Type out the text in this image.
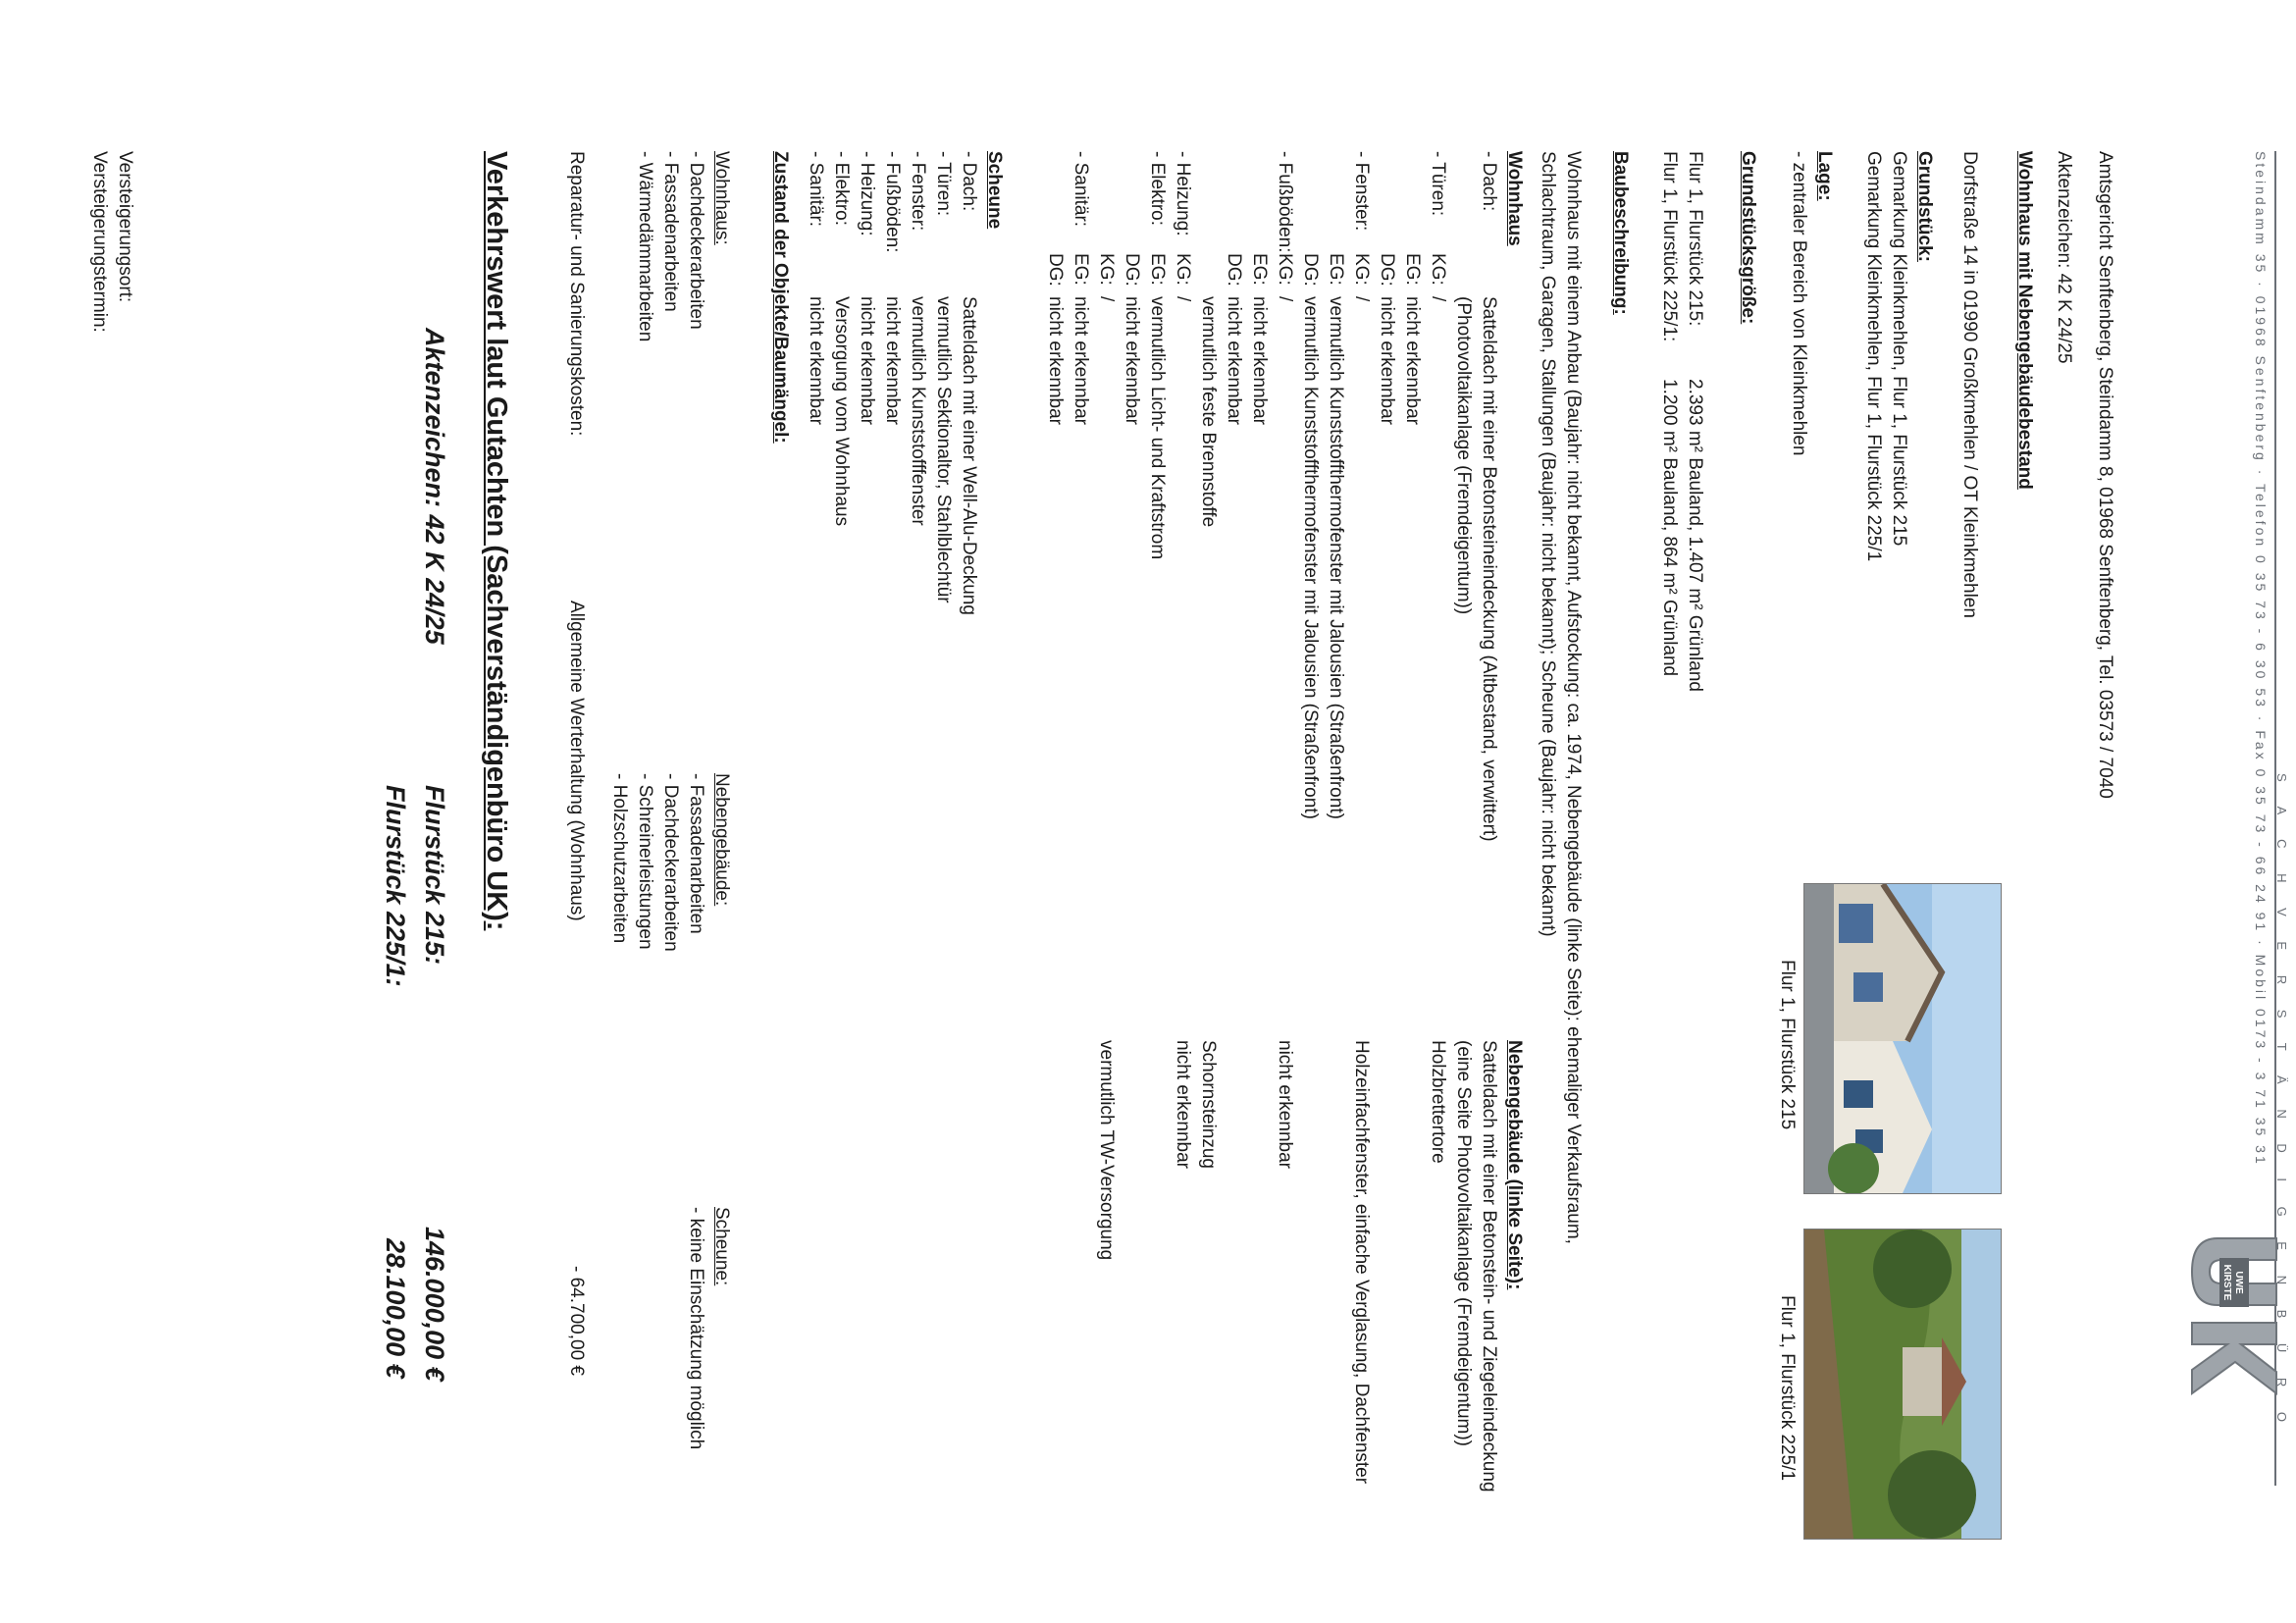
Steindamm 35 · 01968 Senftenberg · Telefon 0 35 73 - 6 30 53 · Fax 0 35 73 - 66 24 91 · Mobil 0173 - 3 71 35 31 S A C H V E R S T Ä N D I G E N B Ü R O
UWE
KIRSTE
Amtsgericht Senftenberg, Steindamm 8, 01968 Senftenberg, Tel. 03573 / 7040
Aktenzeichen: 42 K 24/25
Wohnhaus mit Nebengebäudebestand
Dorfstraße 14 in 01990 Großkmehlen / OT Kleinkmehlen
Flur 1, Flurstück 215
Flur 1, Flurstück 225/1
Grundstück:
Gemarkung Kleinkmehlen, Flur 1, Flurstück 215
Gemarkung Kleinkmehlen, Flur 1, Flurstück 225/1
Lage:
- zentraler Bereich von Kleinkmehlen
Grundstücksgröße:
Flur 1, Flurstück 215:
Flur 1, Flurstück 225/1:
2.393 m² Bauland, 1.407 m² Grünland
1.200 m² Bauland, 864 m² Grünland
Baubeschreibung:
Wohnhaus mit einem Anbau (Baujahr: nicht bekannt, Aufstockung: ca. 1974, Nebengebäude (linke Seite): ehemaliger Verkaufsraum,
Schlachtraum, Garagen, Stallungen (Baujahr: nicht bekannt); Scheune (Baujahr: nicht bekannt)
Wohnhaus
Nebengebäude (linke Seite):
- Dach:
- Türen:
- Fenster:
- Fußböden:
- Heizung:
- Elektro:
- Sanitär:
KG:
EG:
DG:
KG:
EG:
DG:
KG:
EG:
DG:
KG:
EG:
DG:
KG:
EG:
DG:
Satteldach mit einer Betonsteineindeckung (Altbestand, verwittert)
(Photovoltaikanlage (Fremdeigentum))
/
nicht erkennbar
nicht erkennbar
/
vermutlich Kunststoffthermofenster mit Jalousien (Straßenfront)
vermutlich Kunststoffthermofenster mit Jalousien (Straßenfront)
/
nicht erkennbar
nicht erkennbar
vermutlich feste Brennstoffe
/
vermutlich Licht- und Kraftstrom
nicht erkennbar
/
nicht erkennbar
nicht erkennbar
Satteldach mit einer Betonstein- und Ziegeleindeckung
(eine Seite Photovoltaikanlage (Fremdeigentum))
Holzbrettertore
Holzeinfachfenster, einfache Verglasung, Dachfenster
nicht erkennbar
Schornsteinzug
nicht erkennbar
vermutlich TW-Versorgung
Scheune
- Dach:
- Türen:
- Fenster:
- Fußböden:
- Heizung:
- Elektro:
- Sanitär:
Satteldach mit einer Well-Alu-Deckung
vermutlich Sektionaltor, Stahlblechtür
vermutlich Kunststofffenster
nicht erkennbar
nicht erkennbar
Versorgung vom Wohnhaus
nicht erkennbar
Zustand der Objekte/Baumängel:
Wohnhaus:
- Dachdeckerarbeiten
- Fassadenarbeiten
- Wärmedämmarbeiten
Nebengebäude:
- Fassadenarbeiten
- Dachdeckerarbeiten
- Schreinerleistungen
- Holzschutzarbeiten
Scheune:
- keine Einschätzung möglich
Reparatur- und Sanierungskosten:
Allgemeine Werterhaltung (Wohnhaus)
- 64.700,00 €
Verkehrswert laut Gutachten (Sachverständigenbüro UK):
Aktenzeichen: 42 K 24/25
Flurstück 215:
146.000,00 €
Flurstück 225/1:
28.100,00 €
Versteigerungsort:
Versteigerungstermin:
